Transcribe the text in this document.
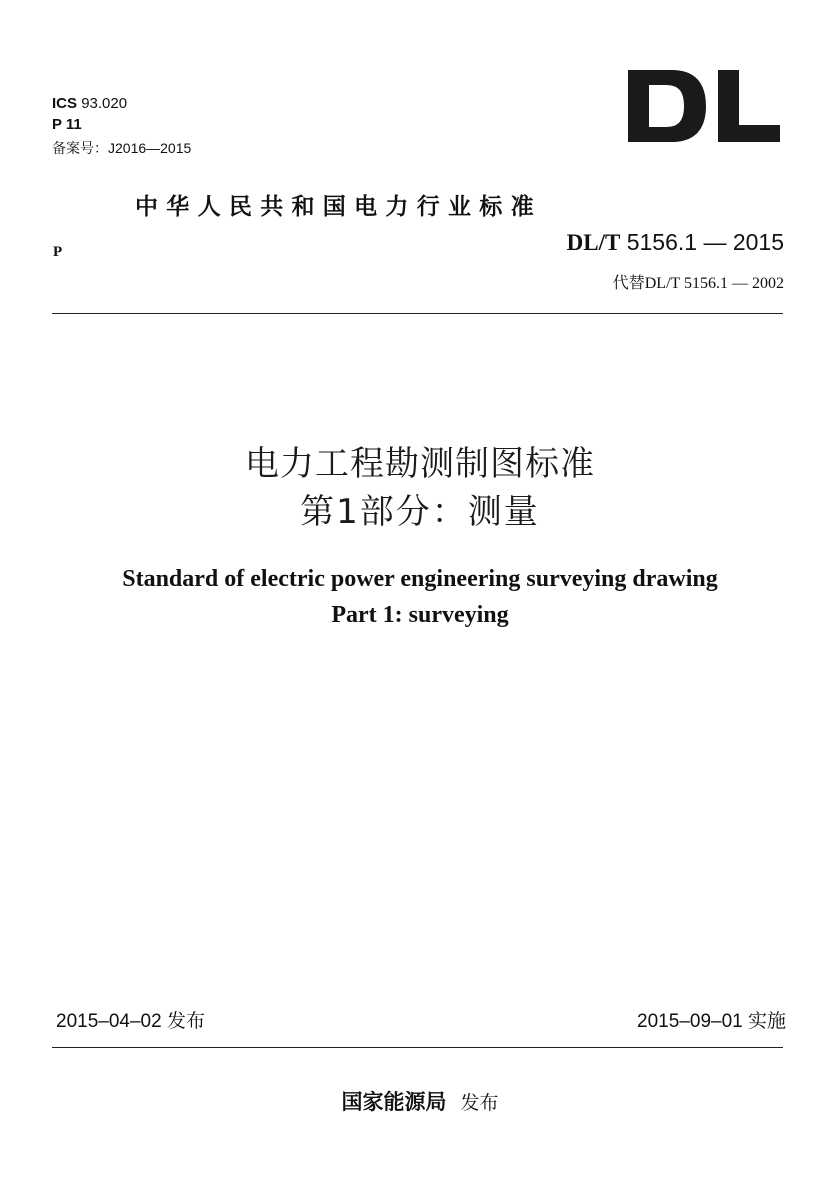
ICS 93.020
P 11
备案号：J2016—2015
中华人民共和国电力行业标准
P	DL/T 5156.1 — 2015
代替DL/T 5156.1 — 2002
电力工程勘测制图标准
第1部分：测量
Standard of electric power engineering surveying drawing
Part 1: surveying
2015–04–02 发布	2015–09–01 实施
国家能源局 发布
